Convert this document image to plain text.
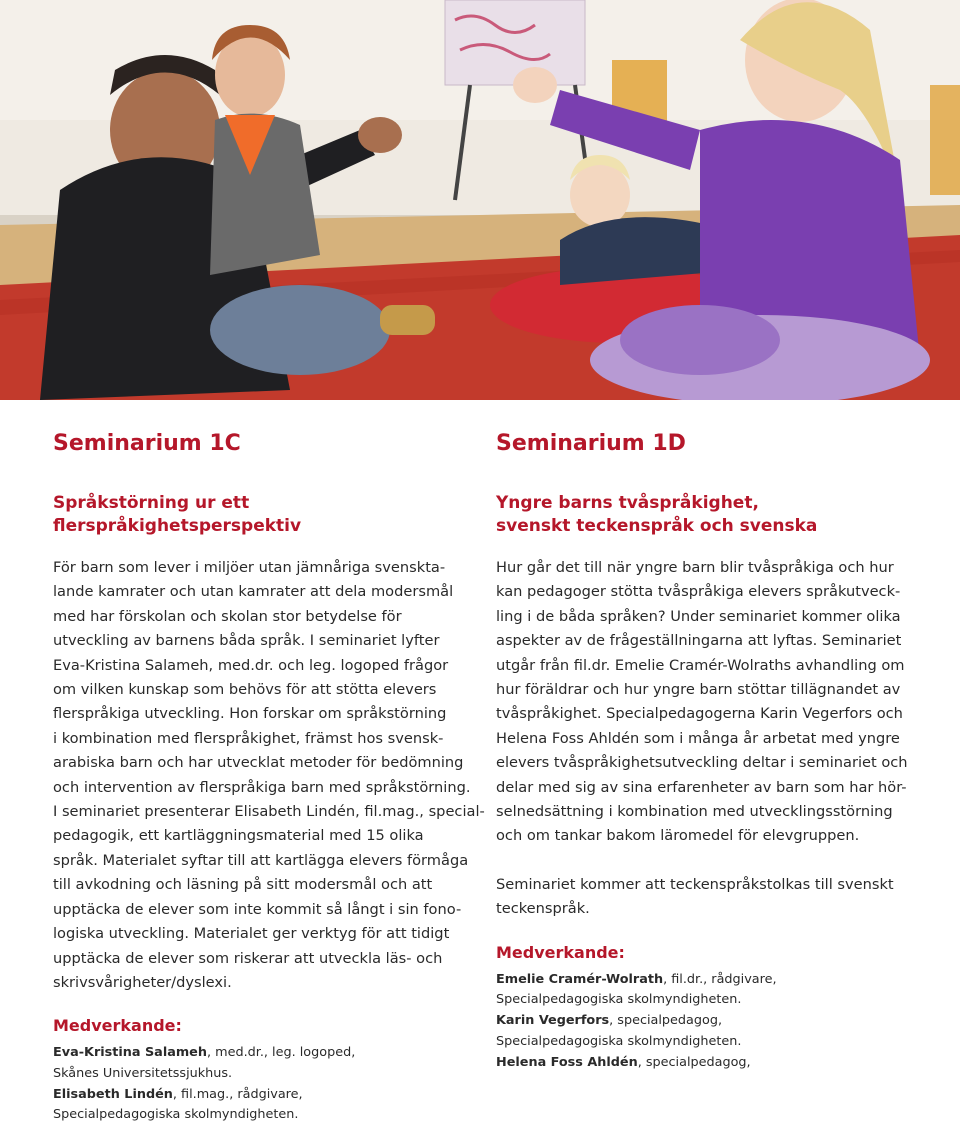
Seminarium 1C
Språkstörning ur ett
flerspråkighetsperspektiv

För barn som lever i miljöer utan jämnåriga svenskta-
lande kamrater och utan kamrater att dela modersmål
med har förskolan och skolan stor betydelse för
utveckling av barnens båda språk. I seminariet lyfter
Eva-Kristina Salameh, med.dr. och leg. logoped frågor
om vilken kunskap som behövs för att stötta elevers
flerspråkiga utveckling. Hon forskar om språkstörning
i kombination med flerspråkighet, främst hos svensk-
arabiska barn och har utvecklat metoder för bedömning
och intervention av flerspråkiga barn med språkstörning.
I seminariet presenterar Elisabeth Lindén, fil.mag., special-
pedagogik, ett kartläggningsmaterial med 15 olika
språk. Materialet syftar till att kartlägga elevers förmåga
till avkodning och läsning på sitt modersmål och att
upptäcka de elever som inte kommit så långt i sin fono-
logiska utveckling. Materialet ger verktyg för att tidigt
upptäcka de elever som riskerar att utveckla läs- och
skrivsvårigheter/dyslexi.

Medverkande:
Eva-Kristina Salameh, med.dr., leg. logoped,
Skånes Universitetssjukhus.
Elisabeth Lindén, fil.mag., rådgivare,
Specialpedagogiska skolmyndigheten.
Seminarium 1D
Yngre barns tvåspråkighet,
svenskt teckenspråk och svenska

Hur går det till när yngre barn blir tvåspråkiga och hur
kan pedagoger stötta tvåspråkiga elevers språkutveck-
ling i de båda språken? Under seminariet kommer olika
aspekter av de frågeställningarna att lyftas. Seminariet
utgår från fil.dr. Emelie Cramér-Wolraths avhandling om
hur föräldrar och hur yngre barn stöttar tillägnandet av
tvåspråkighet. Specialpedagogerna Karin Vegerfors och
Helena Foss Ahldén som i många år arbetat med yngre
elevers tvåspråkighetsutveckling deltar i seminariet och
delar med sig av sina erfarenheter av barn som har hör-
selnedsättning i kombination med utvecklingsstörning
och om tankar bakom läromedel för elevgruppen.

Seminariet kommer att teckenspråkstolkas till svenskt
teckenspråk.

Medverkande:
Emelie Cramér-Wolrath, fil.dr., rådgivare,
Specialpedagogiska skolmyndigheten.
Karin Vegerfors, specialpedagog,
Specialpedagogiska skolmyndigheten.
Helena Foss Ahldén, specialpedagog,
